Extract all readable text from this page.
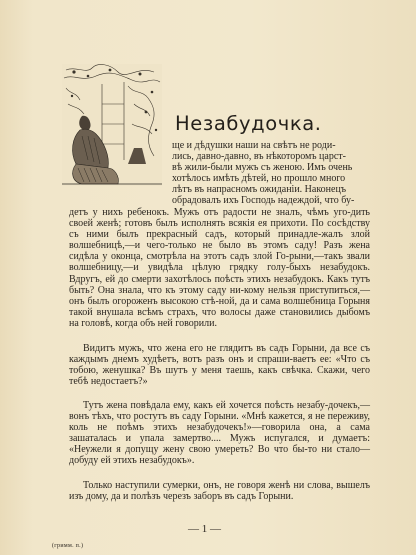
Незабудочка.
ще и дѣдушки наши на свѣтъ не роди-
лись, давно-давно, въ нѣкоторомъ царст-
вѣ жили-были мужъ съ женою. Имъ очень
хотѣлось имѣть дѣтей, но прошло много
лѣтъ въ напрасномъ ожиданіи. Наконецъ
обрадовалъ ихъ Господь надеждой, что бу-

детъ у нихъ ребенокъ. Мужъ отъ радости не зналъ, чѣмъ уго-дить своей женѣ; готовъ былъ исполнять всякія ея прихоти. По сосѣдству съ ними былъ прекрасный садъ, который принадле-жалъ злой волшебницѣ,—и чего-только не было въ этомъ саду! Разъ жена сидѣла у оконца, смотрѣла на этотъ садъ злой Го-рыни,—такъ звали волшебницу,—и увидѣла цѣлую грядку голу-быхъ незабудокъ. Вдругъ, ей до смерти захотѣлось поѣсть этихъ незабудокъ. Какъ тутъ быть? Она знала, что къ этому саду ни-кому нельзя приступиться,—онъ былъ огороженъ высокою стѣ-ной, да и сама волшебница Горыня такой внушала всѣмъ страхъ, что волосы даже становились дыбомъ на головѣ, когда объ ней говорили.

Видитъ мужъ, что жена его не глядитъ въ садъ Горыни, да все съ каждымъ днемъ худѣетъ, вотъ разъ онъ и спраши-ваетъ ее: «Что съ тобою, женушка? Въ шутъ у меня таешь, какъ свѣчка. Скажи, чего тебѣ недостаетъ?»

Тутъ жена повѣдала ему, какъ ей хочется поѣсть незабу-дочекъ,—вонъ тѣхъ, что ростутъ въ саду Горыни. «Мнѣ кажется, я не переживу, коль не поѣмъ этихъ незабудочекъ!»—говорила она, а сама зашаталась и упала замертво.... Мужъ испугался, и думаетъ: «Неужели я допущу жену свою умереть? Во что бы-то ни стало—добуду ей этихъ незабудокъ».

Только наступили сумерки, онъ, не говоря женѣ ни слова, вышелъ изъ дому, да и полѣзъ черезъ заборъ въ садъ Горыни.

— 1 —
(гримм. п.)
